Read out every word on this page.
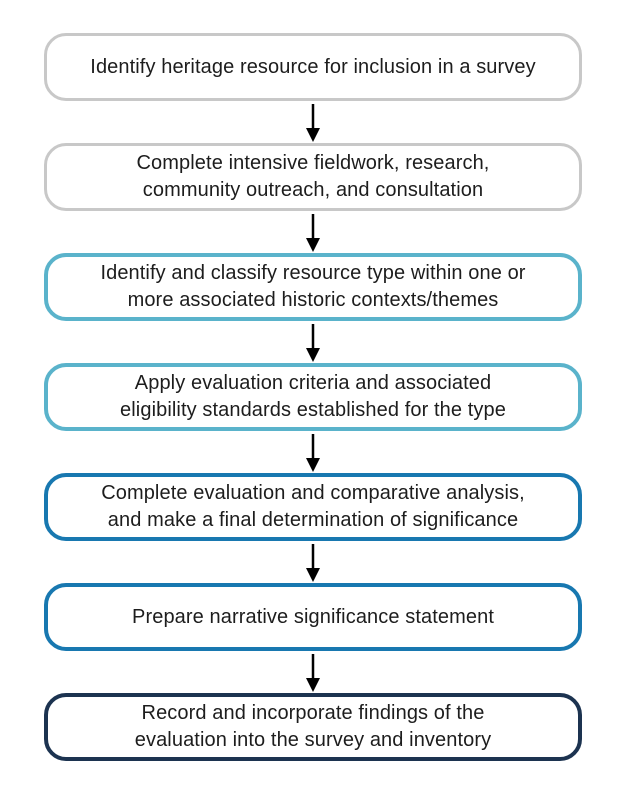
Identify heritage resource for inclusion in a survey
Complete intensive fieldwork, research,
community outreach, and consultation
Identify and classify resource type within one or
more associated historic contexts/themes
Apply evaluation criteria and associated
eligibility standards established for the type
Complete evaluation and comparative analysis,
and make a final determination of significance
Prepare narrative significance statement
Record and incorporate findings of the
evaluation into the survey and inventory
